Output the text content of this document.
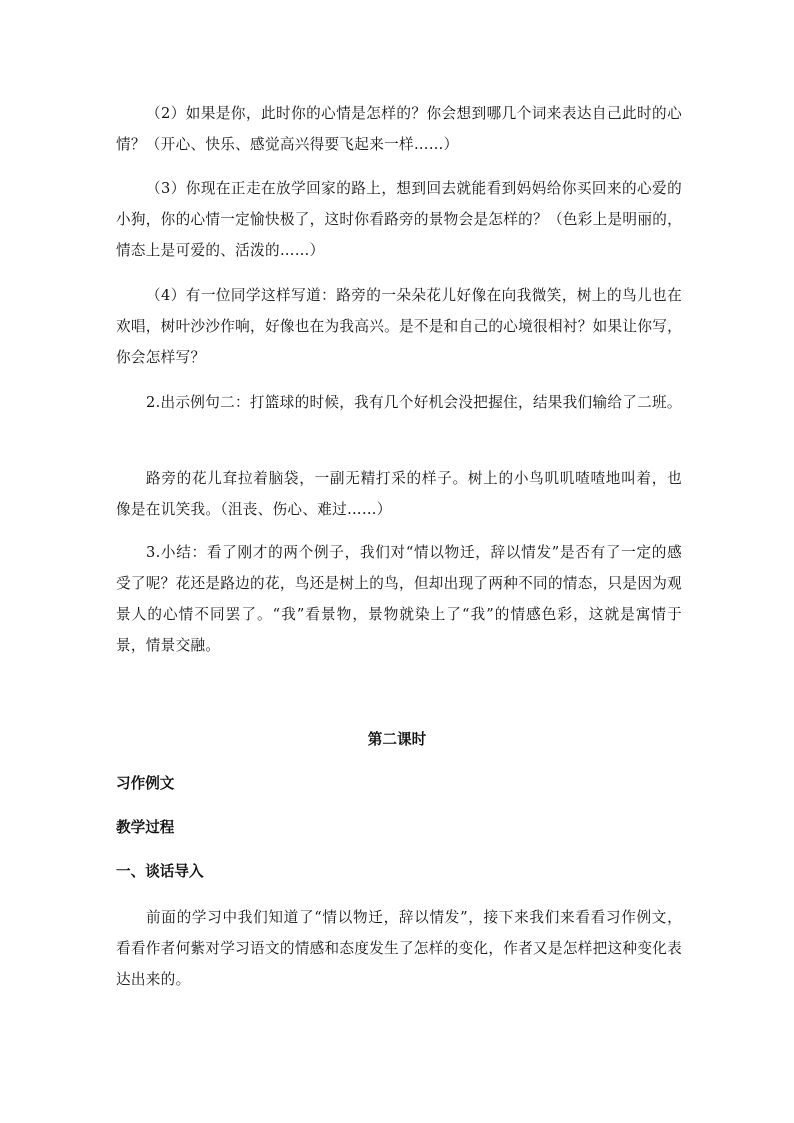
（2）如果是你，此时你的心情是怎样的？你会想到哪几个词来表达自己此时的心情？（开心、快乐、感觉高兴得要飞起来一样……）

（3）你现在正走在放学回家的路上，想到回去就能看到妈妈给你买回来的心爱的小狗，你的心情一定愉快极了，这时你看路旁的景物会是怎样的？（色彩上是明丽的，情态上是可爱的、活泼的……）

（4）有一位同学这样写道：路旁的一朵朵花儿好像在向我微笑，树上的鸟儿也在欢唱，树叶沙沙作响，好像也在为我高兴。是不是和自己的心境很相衬？如果让你写，你会怎样写？

2.出示例句二：打篮球的时候，我有几个好机会没把握住，结果我们输给了二班。

路旁的花儿耷拉着脑袋，一副无精打采的样子。树上的小鸟叽叽喳喳地叫着，也像是在讥笑我。（沮丧、伤心、难过……）

3.小结：看了刚才的两个例子，我们对“情以物迁，辞以情发”是否有了一定的感受了呢？花还是路边的花，鸟还是树上的鸟，但却出现了两种不同的情态，只是因为观景人的心情不同罢了。“我”看景物，景物就染上了“我”的情感色彩，这就是寓情于景，情景交融。

第二课时

习作例文

教学过程

一、谈话导入

前面的学习中我们知道了“情以物迁，辞以情发”，接下来我们来看看习作例文，看看作者何紫对学习语文的情感和态度发生了怎样的变化，作者又是怎样把这种变化表达出来的。
